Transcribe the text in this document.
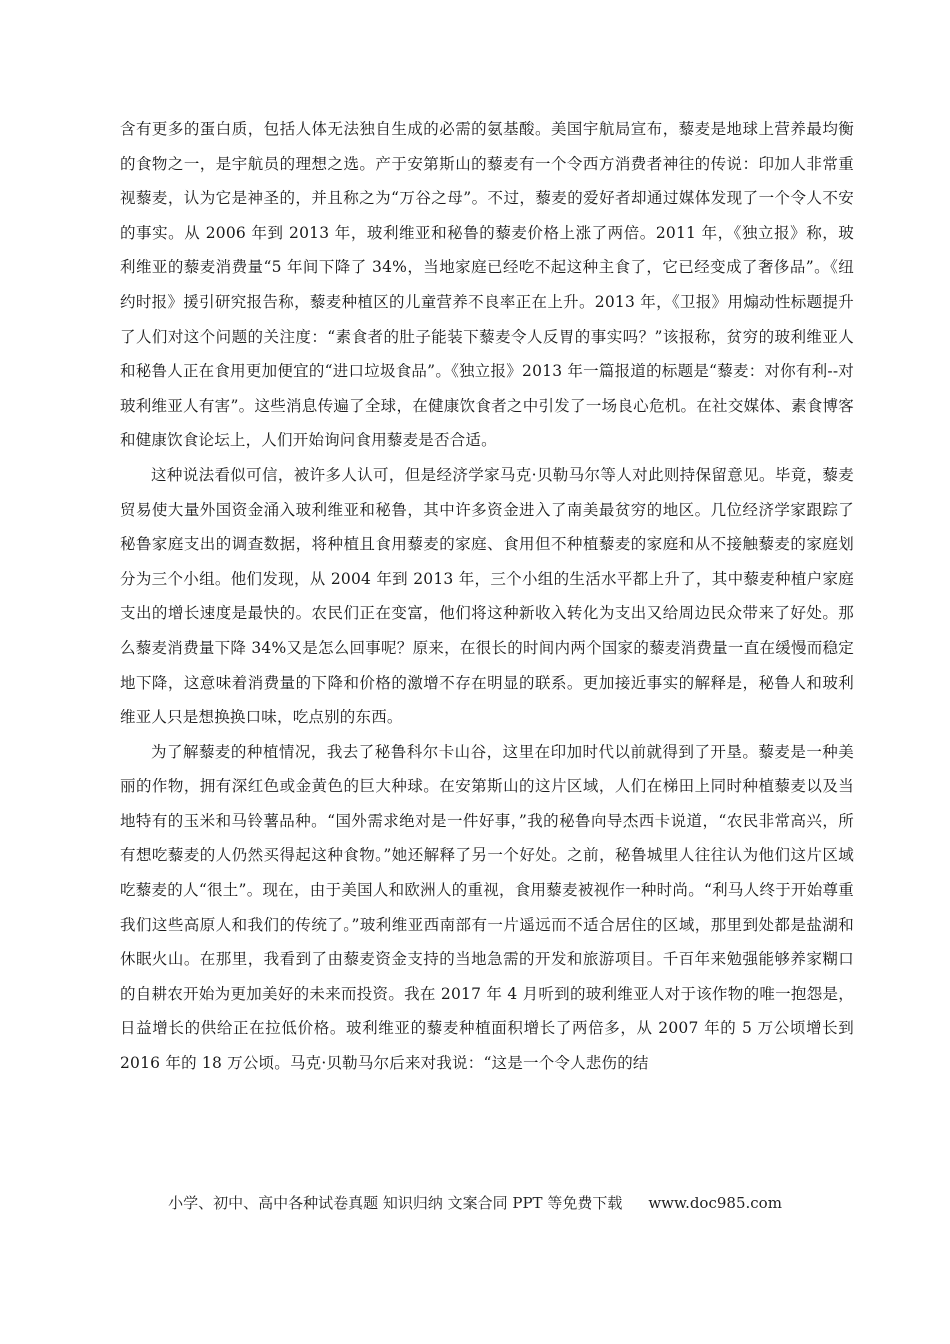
含有更多的蛋白质，包括人体无法独自生成的必需的氨基酸。美国宇航局宣布，藜麦是地球上营养最均衡的食物之一，是宇航员的理想之选。产于安第斯山的藜麦有一个令西方消费者神往的传说：印加人非常重视藜麦，认为它是神圣的，并且称之为“万谷之母”。不过，藜麦的爱好者却通过媒体发现了一个令人不安的事实。从 2006 年到 2013 年，玻利维亚和秘鲁的藜麦价格上涨了两倍。2011 年，《独立报》称，玻利维亚的藜麦消费量“5 年间下降了 34%，当地家庭已经吃不起这种主食了，它已经变成了奢侈品”。《纽约时报》援引研究报告称，藜麦种植区的儿童营养不良率正在上升。2013 年，《卫报》用煽动性标题提升了人们对这个问题的关注度：“素食者的肚子能装下藜麦令人反胃的事实吗？”该报称，贫穷的玻利维亚人和秘鲁人正在食用更加便宜的“进口垃圾食品”。《独立报》2013 年一篇报道的标题是“藜麦：对你有利--对玻利维亚人有害”。这些消息传遍了全球，在健康饮食者之中引发了一场良心危机。在社交媒体、素食博客和健康饮食论坛上，人们开始询问食用藜麦是否合适。

这种说法看似可信，被许多人认可，但是经济学家马克·贝勒马尔等人对此则持保留意见。毕竟，藜麦贸易使大量外国资金涌入玻利维亚和秘鲁，其中许多资金进入了南美最贫穷的地区。几位经济学家跟踪了秘鲁家庭支出的调查数据，将种植且食用藜麦的家庭、食用但不种植藜麦的家庭和从不接触藜麦的家庭划分为三个小组。他们发现，从 2004 年到 2013 年，三个小组的生活水平都上升了，其中藜麦种植户家庭支出的增长速度是最快的。农民们正在变富，他们将这种新收入转化为支出又给周边民众带来了好处。那么藜麦消费量下降 34%又是怎么回事呢？原来，在很长的时间内两个国家的藜麦消费量一直在缓慢而稳定地下降，这意味着消费量的下降和价格的激增不存在明显的联系。更加接近事实的解释是，秘鲁人和玻利维亚人只是想换换口味，吃点别的东西。

为了解藜麦的种植情况，我去了秘鲁科尔卡山谷，这里在印加时代以前就得到了开垦。藜麦是一种美丽的作物，拥有深红色或金黄色的巨大种球。在安第斯山的这片区域，人们在梯田上同时种植藜麦以及当地特有的玉米和马铃薯品种。“国外需求绝对是一件好事，”我的秘鲁向导杰西卡说道，“农民非常高兴，所有想吃藜麦的人仍然买得起这种食物。”她还解释了另一个好处。之前，秘鲁城里人往往认为他们这片区域吃藜麦的人“很土”。现在，由于美国人和欧洲人的重视，食用藜麦被视作一种时尚。“利马人终于开始尊重我们这些高原人和我们的传统了。”玻利维亚西南部有一片遥远而不适合居住的区域，那里到处都是盐湖和休眠火山。在那里，我看到了由藜麦资金支持的当地急需的开发和旅游项目。千百年来勉强能够养家糊口的自耕农开始为更加美好的未来而投资。我在 2017 年 4 月听到的玻利维亚人对于该作物的唯一抱怨是，日益增长的供给正在拉低价格。玻利维亚的藜麦种植面积增长了两倍多，从 2007 年的 5 万公顷增长到 2016 年的 18 万公顷。马克·贝勒马尔后来对我说：“这是一个令人悲伤的结

小学、初中、高中各种试卷真题 知识归纳 文案合同 PPT 等免费下载 www.doc985.com
